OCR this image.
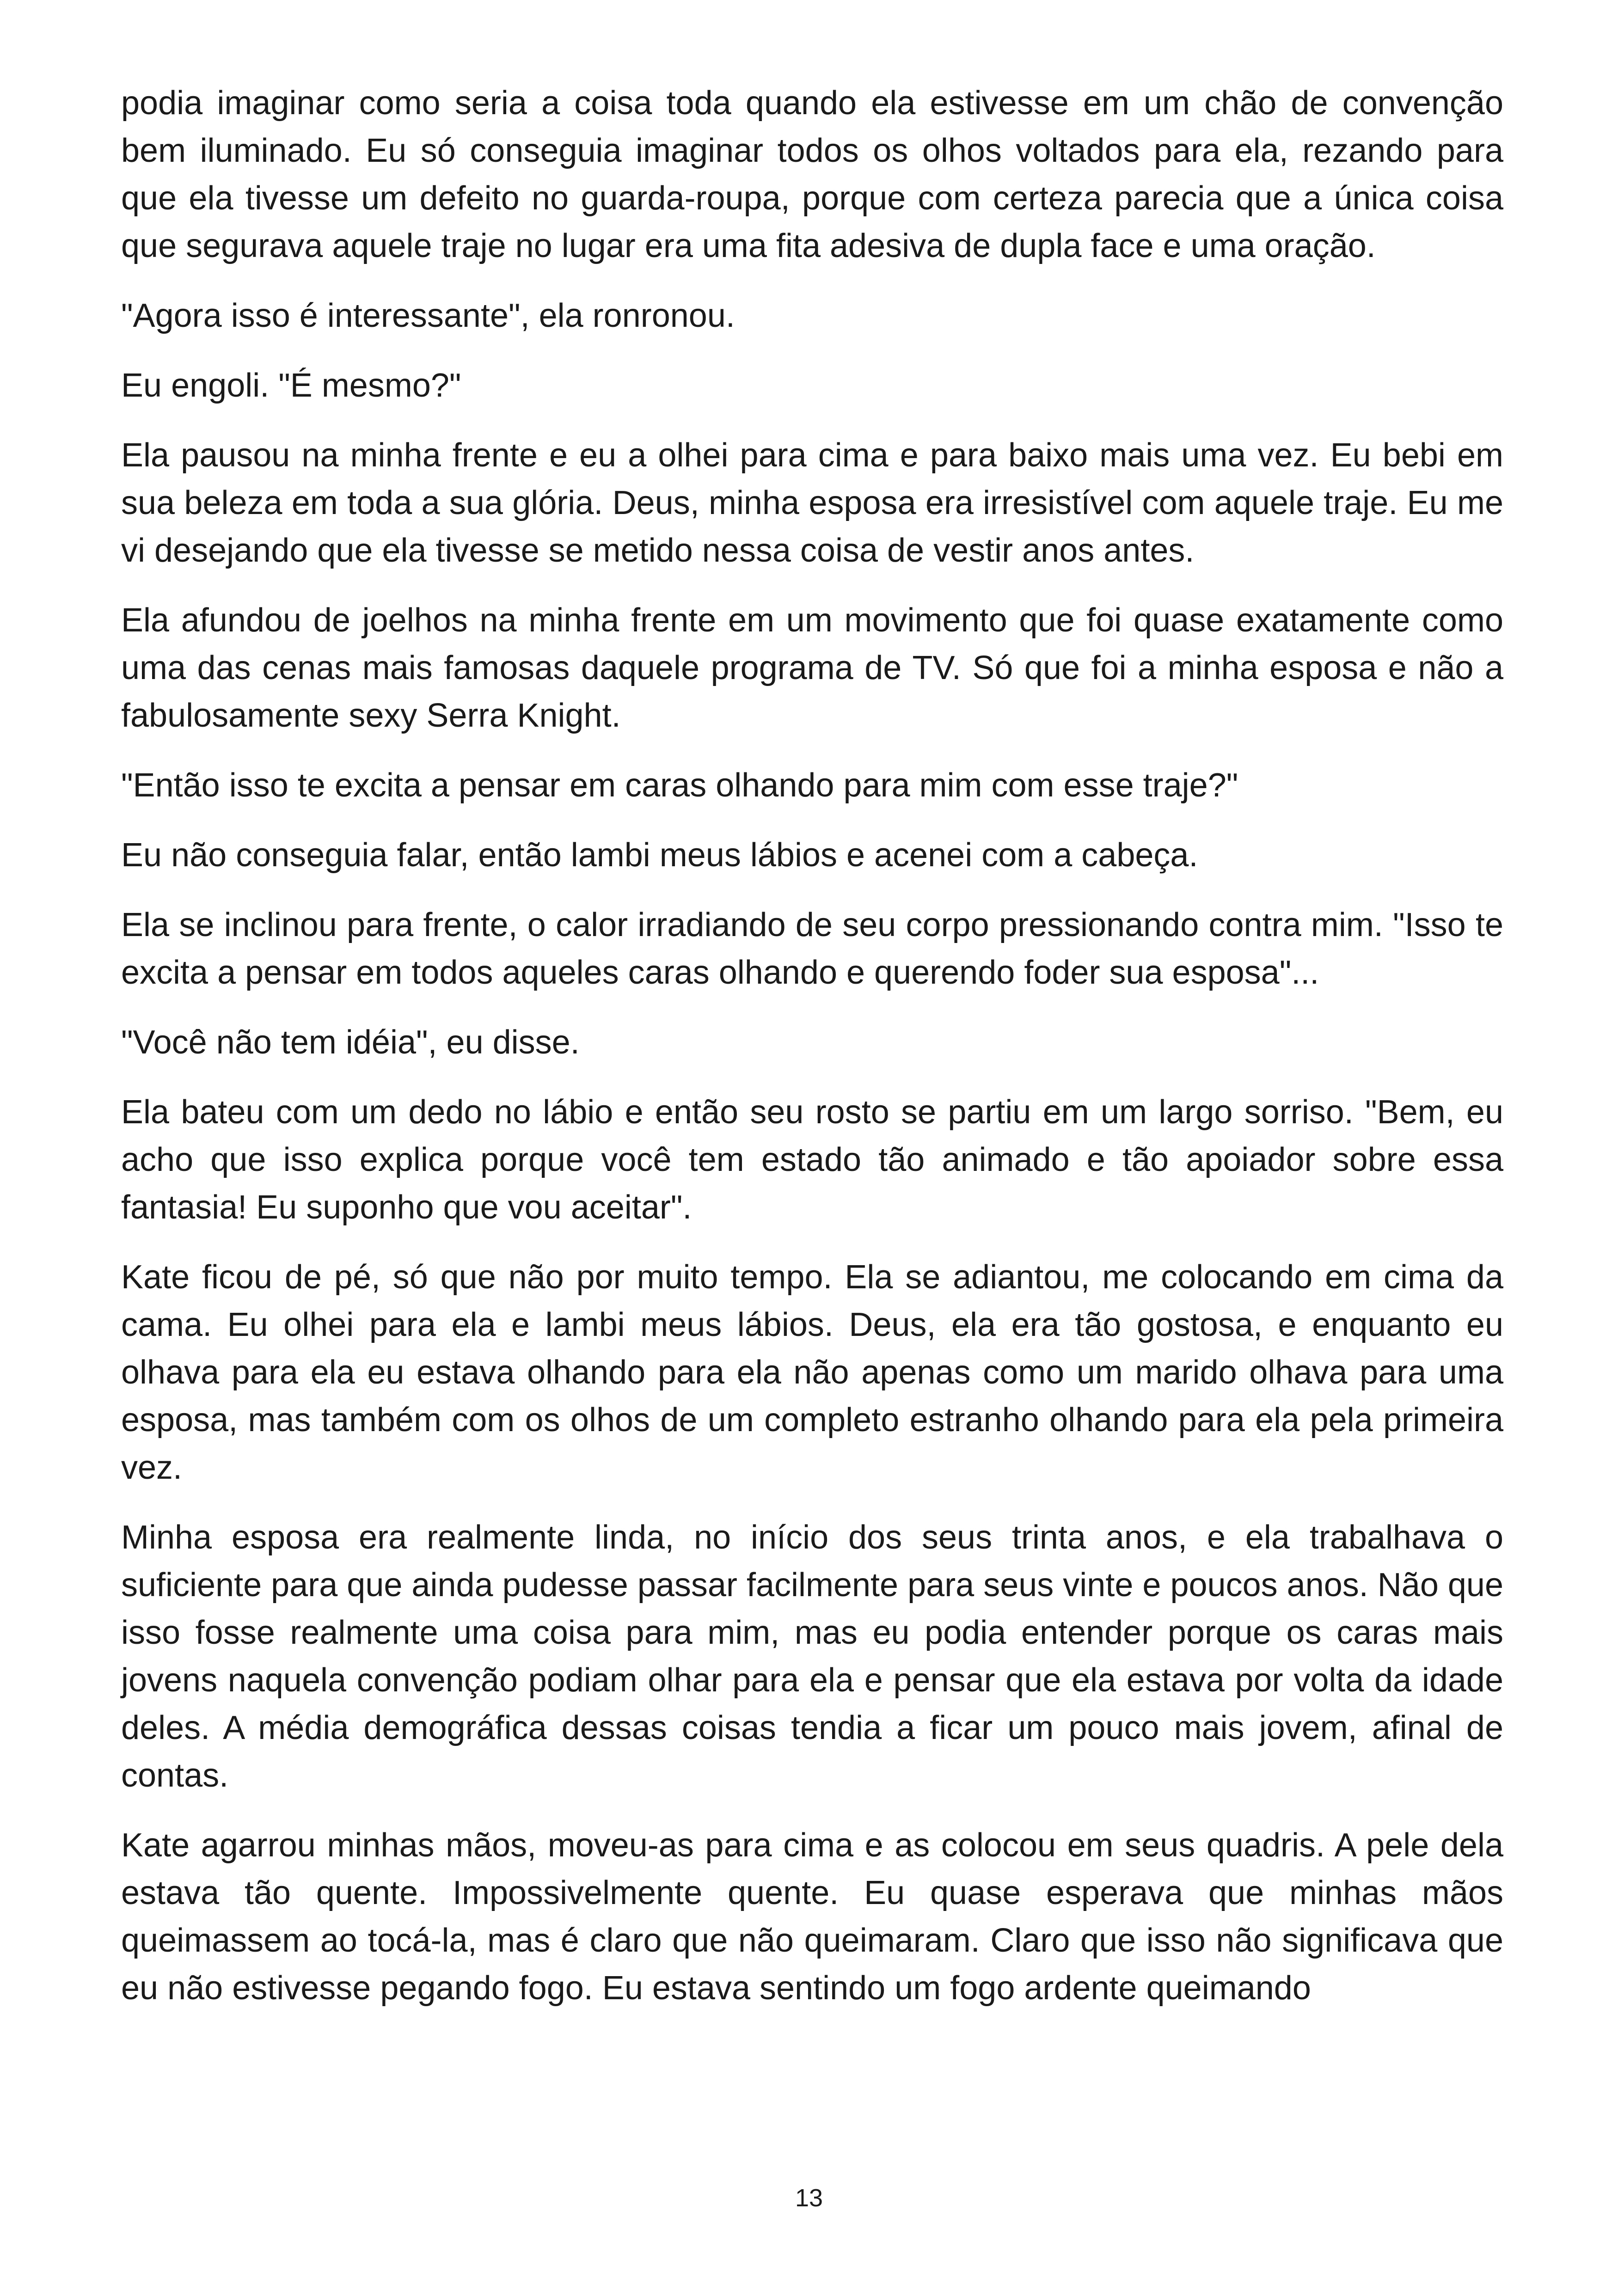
podia imaginar como seria a coisa toda quando ela estivesse em um chão de convenção bem iluminado. Eu só conseguia imaginar todos os olhos voltados para ela, rezando para que ela tivesse um defeito no guarda-roupa, porque com certeza parecia que a única coisa que segurava aquele traje no lugar era uma fita adesiva de dupla face e uma oração.

"Agora isso é interessante", ela ronronou.

Eu engoli. "É mesmo?"

Ela pausou na minha frente e eu a olhei para cima e para baixo mais uma vez. Eu bebi em sua beleza em toda a sua glória. Deus, minha esposa era irresistível com aquele traje. Eu me vi desejando que ela tivesse se metido nessa coisa de vestir anos antes.

Ela afundou de joelhos na minha frente em um movimento que foi quase exatamente como uma das cenas mais famosas daquele programa de TV. Só que foi a minha esposa e não a fabulosamente sexy Serra Knight.

"Então isso te excita a pensar em caras olhando para mim com esse traje?"

Eu não conseguia falar, então lambi meus lábios e acenei com a cabeça.

Ela se inclinou para frente, o calor irradiando de seu corpo pressionando contra mim. "Isso te excita a pensar em todos aqueles caras olhando e querendo foder sua esposa"...

"Você não tem idéia", eu disse.

Ela bateu com um dedo no lábio e então seu rosto se partiu em um largo sorriso. "Bem, eu acho que isso explica porque você tem estado tão animado e tão apoiador sobre essa fantasia! Eu suponho que vou aceitar".

Kate ficou de pé, só que não por muito tempo. Ela se adiantou, me colocando em cima da cama. Eu olhei para ela e lambi meus lábios. Deus, ela era tão gostosa, e enquanto eu olhava para ela eu estava olhando para ela não apenas como um marido olhava para uma esposa, mas também com os olhos de um completo estranho olhando para ela pela primeira vez.

Minha esposa era realmente linda, no início dos seus trinta anos, e ela trabalhava o suficiente para que ainda pudesse passar facilmente para seus vinte e poucos anos. Não que isso fosse realmente uma coisa para mim, mas eu podia entender porque os caras mais jovens naquela convenção podiam olhar para ela e pensar que ela estava por volta da idade deles. A média demográfica dessas coisas tendia a ficar um pouco mais jovem, afinal de contas.

Kate agarrou minhas mãos, moveu-as para cima e as colocou em seus quadris. A pele dela estava tão quente. Impossivelmente quente. Eu quase esperava que minhas mãos queimassem ao tocá-la, mas é claro que não queimaram. Claro que isso não significava que eu não estivesse pegando fogo. Eu estava sentindo um fogo ardente queimando

13
